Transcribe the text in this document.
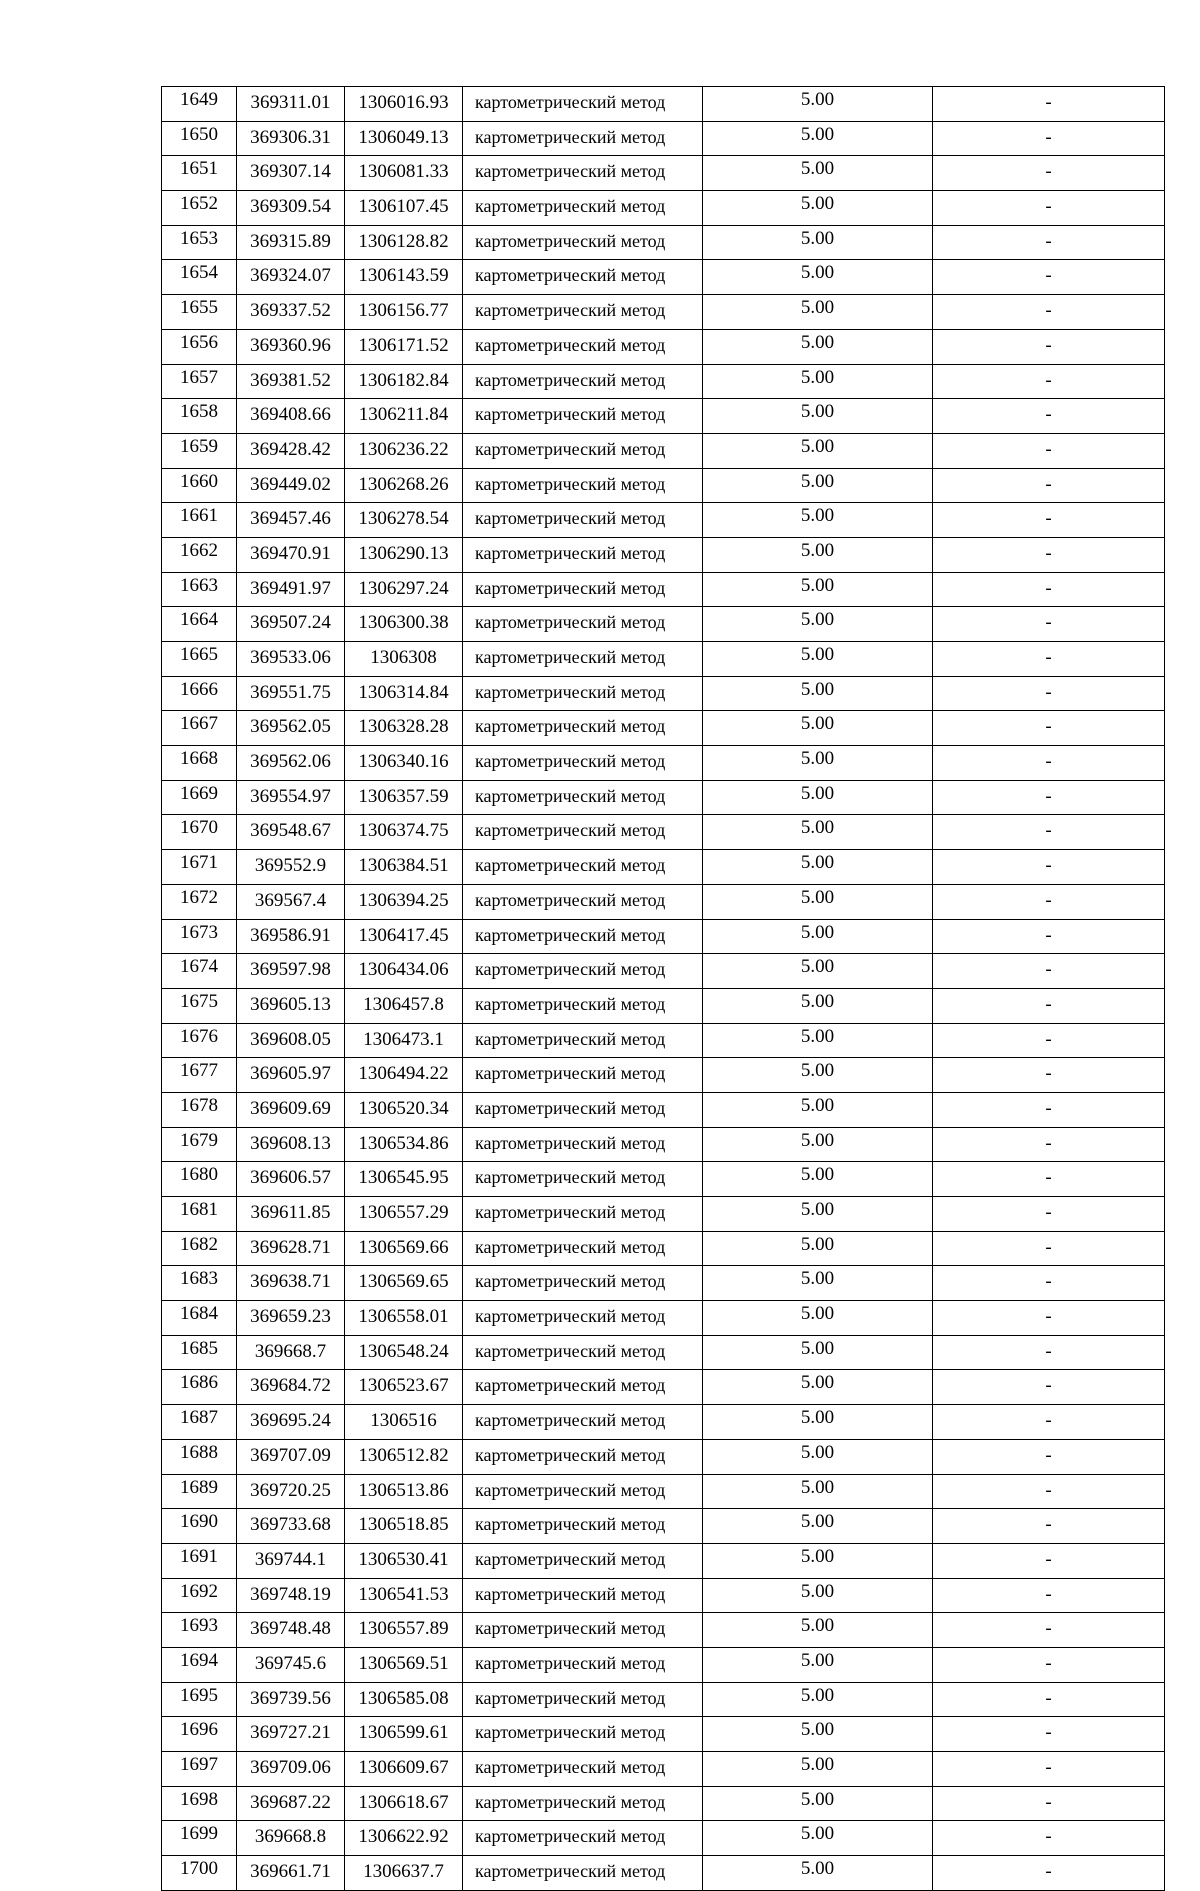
1649	369311.01	1306016.93	картометрический метод	5.00	-
1650	369306.31	1306049.13	картометрический метод	5.00	-
1651	369307.14	1306081.33	картометрический метод	5.00	-
1652	369309.54	1306107.45	картометрический метод	5.00	-
1653	369315.89	1306128.82	картометрический метод	5.00	-
1654	369324.07	1306143.59	картометрический метод	5.00	-
1655	369337.52	1306156.77	картометрический метод	5.00	-
1656	369360.96	1306171.52	картометрический метод	5.00	-
1657	369381.52	1306182.84	картометрический метод	5.00	-
1658	369408.66	1306211.84	картометрический метод	5.00	-
1659	369428.42	1306236.22	картометрический метод	5.00	-
1660	369449.02	1306268.26	картометрический метод	5.00	-
1661	369457.46	1306278.54	картометрический метод	5.00	-
1662	369470.91	1306290.13	картометрический метод	5.00	-
1663	369491.97	1306297.24	картометрический метод	5.00	-
1664	369507.24	1306300.38	картометрический метод	5.00	-
1665	369533.06	1306308	картометрический метод	5.00	-
1666	369551.75	1306314.84	картометрический метод	5.00	-
1667	369562.05	1306328.28	картометрический метод	5.00	-
1668	369562.06	1306340.16	картометрический метод	5.00	-
1669	369554.97	1306357.59	картометрический метод	5.00	-
1670	369548.67	1306374.75	картометрический метод	5.00	-
1671	369552.9	1306384.51	картометрический метод	5.00	-
1672	369567.4	1306394.25	картометрический метод	5.00	-
1673	369586.91	1306417.45	картометрический метод	5.00	-
1674	369597.98	1306434.06	картометрический метод	5.00	-
1675	369605.13	1306457.8	картометрический метод	5.00	-
1676	369608.05	1306473.1	картометрический метод	5.00	-
1677	369605.97	1306494.22	картометрический метод	5.00	-
1678	369609.69	1306520.34	картометрический метод	5.00	-
1679	369608.13	1306534.86	картометрический метод	5.00	-
1680	369606.57	1306545.95	картометрический метод	5.00	-
1681	369611.85	1306557.29	картометрический метод	5.00	-
1682	369628.71	1306569.66	картометрический метод	5.00	-
1683	369638.71	1306569.65	картометрический метод	5.00	-
1684	369659.23	1306558.01	картометрический метод	5.00	-
1685	369668.7	1306548.24	картометрический метод	5.00	-
1686	369684.72	1306523.67	картометрический метод	5.00	-
1687	369695.24	1306516	картометрический метод	5.00	-
1688	369707.09	1306512.82	картометрический метод	5.00	-
1689	369720.25	1306513.86	картометрический метод	5.00	-
1690	369733.68	1306518.85	картометрический метод	5.00	-
1691	369744.1	1306530.41	картометрический метод	5.00	-
1692	369748.19	1306541.53	картометрический метод	5.00	-
1693	369748.48	1306557.89	картометрический метод	5.00	-
1694	369745.6	1306569.51	картометрический метод	5.00	-
1695	369739.56	1306585.08	картометрический метод	5.00	-
1696	369727.21	1306599.61	картометрический метод	5.00	-
1697	369709.06	1306609.67	картометрический метод	5.00	-
1698	369687.22	1306618.67	картометрический метод	5.00	-
1699	369668.8	1306622.92	картометрический метод	5.00	-
1700	369661.71	1306637.7	картометрический метод	5.00	-
